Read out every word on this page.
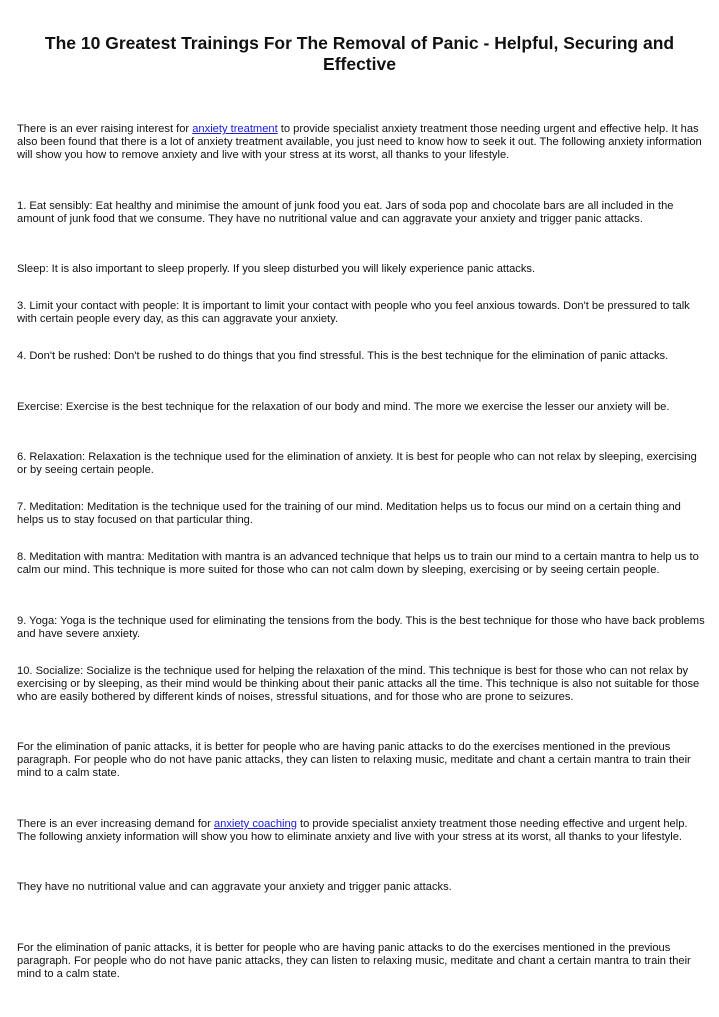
The 10 Greatest Trainings For The Removal of Panic - Helpful, Securing and Effective

There is an ever raising interest for anxiety treatment to provide specialist anxiety treatment those needing urgent and effective help. It has also been found that there is a lot of anxiety treatment available, you just need to know how to seek it out. The following anxiety information will show you how to remove anxiety and live with your stress at its worst, all thanks to your lifestyle.

1. Eat sensibly: Eat healthy and minimise the amount of junk food you eat. Jars of soda pop and chocolate bars are all included in the amount of junk food that we consume. They have no nutritional value and can aggravate your anxiety and trigger panic attacks.

Sleep: It is also important to sleep properly. If you sleep disturbed you will likely experience panic attacks.

3. Limit your contact with people: It is important to limit your contact with people who you feel anxious towards. Don't be pressured to talk with certain people every day, as this can aggravate your anxiety.

4. Don't be rushed: Don't be rushed to do things that you find stressful. This is the best technique for the elimination of panic attacks.

Exercise: Exercise is the best technique for the relaxation of our body and mind. The more we exercise the lesser our anxiety will be.

6. Relaxation: Relaxation is the technique used for the elimination of anxiety. It is best for people who can not relax by sleeping, exercising or by seeing certain people.

7. Meditation: Meditation is the technique used for the training of our mind. Meditation helps us to focus our mind on a certain thing and helps us to stay focused on that particular thing.

8. Meditation with mantra: Meditation with mantra is an advanced technique that helps us to train our mind to a certain mantra to help us to calm our mind. This technique is more suited for those who can not calm down by sleeping, exercising or by seeing certain people.

9. Yoga: Yoga is the technique used for eliminating the tensions from the body. This is the best technique for those who have back problems and have severe anxiety.

10. Socialize: Socialize is the technique used for helping the relaxation of the mind. This technique is best for those who can not relax by exercising or by sleeping, as their mind would be thinking about their panic attacks all the time. This technique is also not suitable for those who are easily bothered by different kinds of noises, stressful situations, and for those who are prone to seizures.

For the elimination of panic attacks, it is better for people who are having panic attacks to do the exercises mentioned in the previous paragraph. For people who do not have panic attacks, they can listen to relaxing music, meditate and chant a certain mantra to train their mind to a calm state.

There is an ever increasing demand for anxiety coaching to provide specialist anxiety treatment those needing effective and urgent help. The following anxiety information will show you how to eliminate anxiety and live with your stress at its worst, all thanks to your lifestyle.

They have no nutritional value and can aggravate your anxiety and trigger panic attacks.

For the elimination of panic attacks, it is better for people who are having panic attacks to do the exercises mentioned in the previous paragraph. For people who do not have panic attacks, they can listen to relaxing music, meditate and chant a certain mantra to train their mind to a calm state.
